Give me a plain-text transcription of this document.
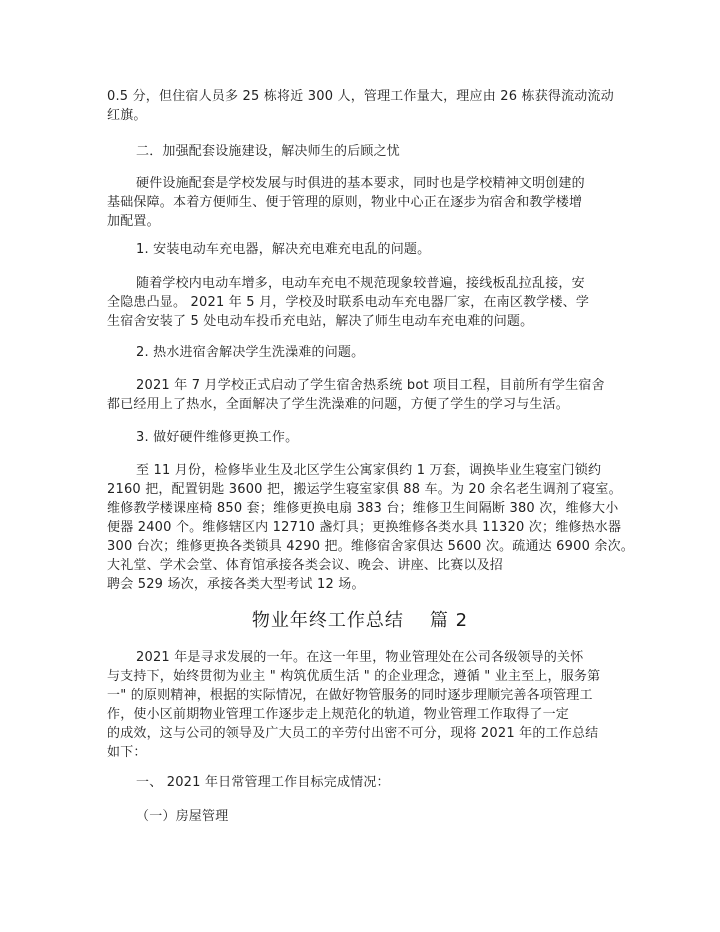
0.5 分，但住宿人员多 25 栋将近 300 人，管理工作量大，理应由 26 栋获得流动流动
红旗。
二．加强配套设施建设，解决师生的后顾之忧
硬件设施配套是学校发展与时俱进的基本要求，同时也是学校精神文明创建的
基础保障。本着方便师生、便于管理的原则，物业中心正在逐步为宿舍和教学楼增
加配置。
1. 安装电动车充电器，解决充电难充电乱的问题。
随着学校内电动车增多，电动车充电不规范现象较普遍，接线板乱拉乱接，安
全隐患凸显。 2021 年 5 月，学校及时联系电动车充电器厂家，在南区教学楼、学
生宿舍安装了 5 处电动车投币充电站，解决了师生电动车充电难的问题。
2. 热水进宿舍解决学生洗澡难的问题。
2021 年 7 月学校正式启动了学生宿舍热系统 bot 项目工程，目前所有学生宿舍
都已经用上了热水，全面解决了学生洗澡难的问题，方便了学生的学习与生活。
3. 做好硬件维修更换工作。
至 11 月份，检修毕业生及北区学生公寓家俱约 1 万套，调换毕业生寝室门锁约
2160 把，配置钥匙 3600 把，搬运学生寝室家俱 88 车。为 20 余名老生调剂了寝室。
维修教学楼课座椅 850 套；维修更换电扇 383 台；维修卫生间隔断 380 次，维修大小
便器 2400 个。维修辖区内 12710 盏灯具；更换维修各类水具 11320 次；维修热水器
300 台次；维修更换各类锁具 4290 把。维修宿舍家俱达 5600 次。疏通达 6900 余次。
大礼堂、学术会堂、体育馆承接各类会议、晚会、讲座、比赛以及招
聘会 529 场次，承接各类大型考试 12 场。
物业年终工作总结 篇 2
2021 年是寻求发展的一年。在这一年里，物业管理处在公司各级领导的关怀
与支持下，始终贯彻为业主 " 构筑优质生活 " 的企业理念，遵循 " 业主至上，服务第
一" 的原则精神，根据的实际情况，在做好物管服务的同时逐步理顺完善各项管理工
作，使小区前期物业管理工作逐步走上规范化的轨道，物业管理工作取得了一定
的成效，这与公司的领导及广大员工的辛劳付出密不可分，现将 2021 年的工作总结
如下：
一、 2021 年日常管理工作目标完成情况：
（一）房屋管理
